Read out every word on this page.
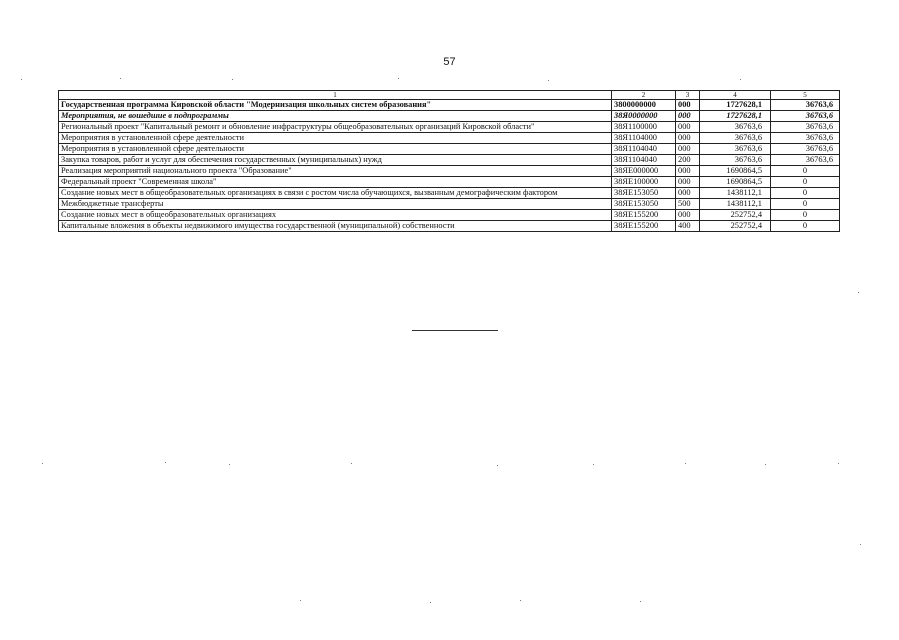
57
1	2	3	4	5
Государственная программа Кировской области "Модернизация школьных систем образования"	3800000000	000	1727628,1	36763,6
Мероприятия, не вошедшие в подпрограммы	38Я0000000	000	1727628,1	36763,6
Региональный проект "Капитальный ремонт и обновление инфраструктуры общеобразовательных организаций Кировской области"	38Я1100000	000	36763,6	36763,6
Мероприятия в установленной сфере деятельности	38Я1104000	000	36763,6	36763,6
Мероприятия в установленной сфере деятельности	38Я1104040	000	36763,6	36763,6
Закупка товаров, работ и услуг для обеспечения государственных (муниципальных) нужд	38Я1104040	200	36763,6	36763,6
Реализация мероприятий национального проекта "Образование"	38ЯЕ000000	000	1690864,5	0
Федеральный проект "Современная школа"	38ЯЕ100000	000	1690864,5	0
Создание новых мест в общеобразовательных организациях в связи с ростом числа обучающихся, вызванным демографическим фактором	38ЯЕ153050	000	1438112,1	0
Межбюджетные трансферты	38ЯЕ153050	500	1438112,1	0
Создание новых мест в общеобразовательных организациях	38ЯЕ155200	000	252752,4	0
Капитальные вложения в объекты недвижимого имущества государственной (муниципальной) собственности	38ЯЕ155200	400	252752,4	0
